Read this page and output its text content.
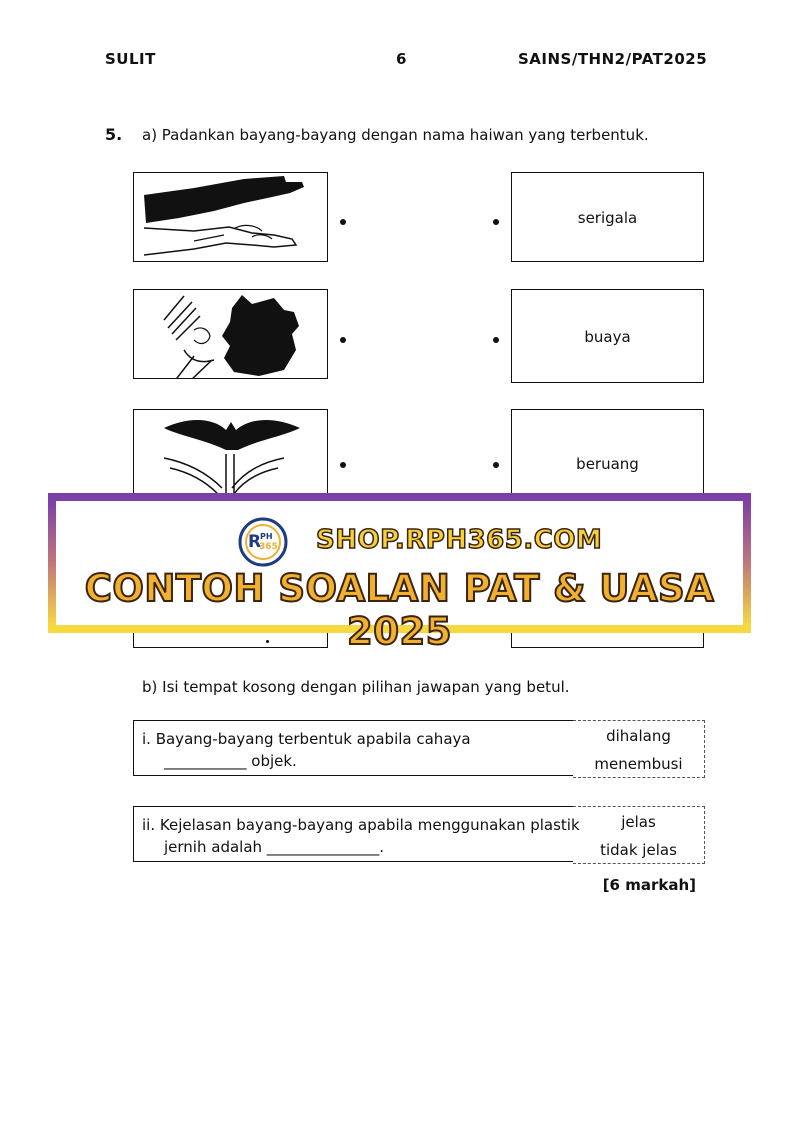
SULIT	6	SAINS/THN2/PAT2025
5. a) Padankan bayang-bayang dengan nama haiwan yang terbentuk.
serigala
buaya
beruang
R
PH
365 SHOP.RPH365.COM
CONTOH SOALAN PAT & UASA 2025
b) Isi tempat kosong dengan pilihan jawapan yang betul.
i. Bayang-bayang terbentuk apabila cahaya
___________ objek.
dihalang
menembusi
ii. Kejelasan bayang-bayang apabila menggunakan plastik
jernih adalah _______________.
jelas
tidak jelas
[6 markah]
